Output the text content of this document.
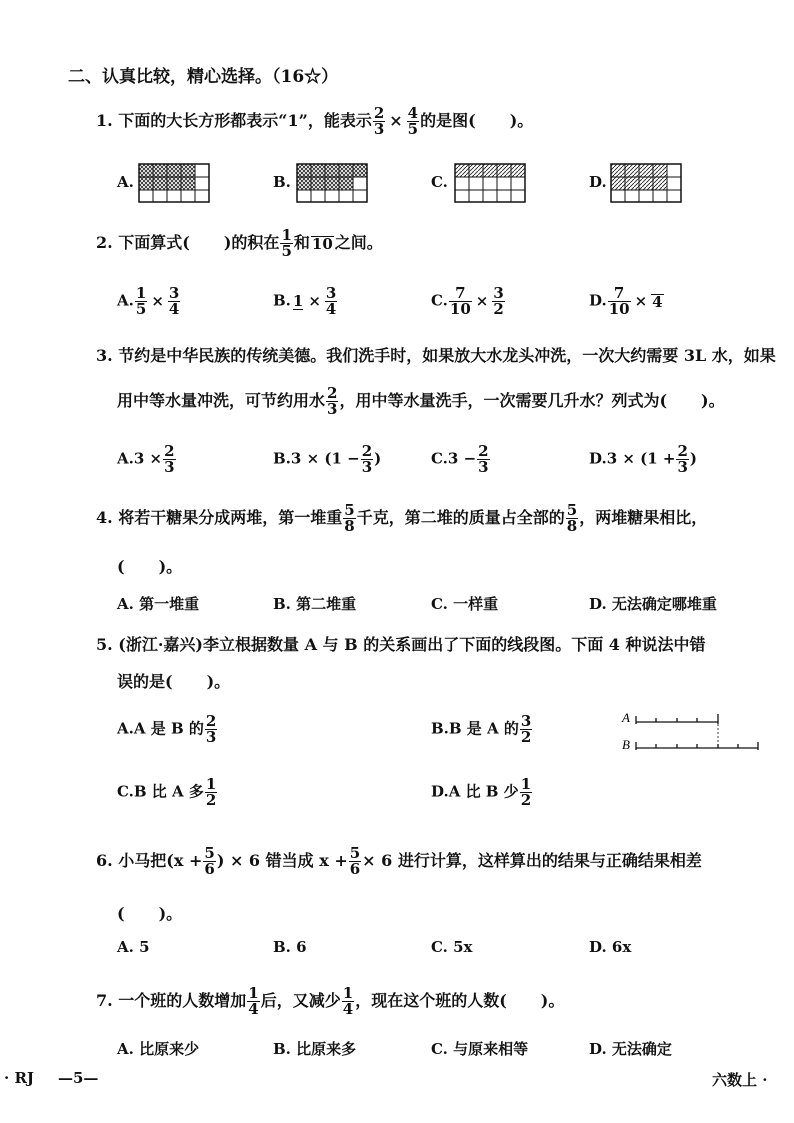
二、认真比较，精心选择。（16☆）
1. 下面的大长方形都表示“1”，能表示 $\frac{2}{3} \times \frac{4}{5}$ 的是图( )。
A.	B.	C.	D.
2. 下面算式( )的积在 $\frac{1}{5}$ 和 10 之间。
A. $\frac{1}{5} \times \frac{3}{4}$	B. $1 \times \frac{3}{4}$	C. $\frac{7}{10} \times \frac{3}{2}$	D. $\frac{7}{10} \times 4$
3. 节约是中华民族的传统美德。我们洗手时，如果放大水龙头冲洗，一次大约需要 3L 水，如果
用中等水量冲洗，可节约用水 $\frac{2}{3}$ ，用中等水量洗手，一次需要几升水？列式为( )。
$A.3 \times \frac{2}{3}$	$B.3 \times (1 - \frac{2}{3}$ )	$C.3 - \frac{2}{3}$	$D.3 \times (1 + \frac{2}{3}$ )
4. 将若干糖果分成两堆，第一堆重 $\frac{5}{8}$ 千克，第二堆的质量占全部的 $\frac{5}{8}$ ，两堆糖果相比，
( )。
A. 第一堆重	B. 第二堆重	C. 一样重	D. 无法确定哪堆重
5. (浙江·嘉兴)李立根据数量 A 与 B 的关系画出了下面的线段图。下面 4 种说法中错
误的是( )。
A.A 是 B 的 $\frac{2}{3}$	B.B 是 A 的 $\frac{3}{2}$
C.B 比 A 多 $\frac{1}{2}$	D.A 比 B 少 $\frac{1}{2}$
A
B
6. 小马把($x + \frac{5}{6}$ ) × 6 错当成 $x + \frac{5}{6} \times 6$ 进行计算，这样算出的结果与正确结果相差
( )。
A. 5	B. 6	C. 5x	D. 6x
7. 一个班的人数增加 $\frac{1}{4}$ 后，又减少 $\frac{1}{4}$ ，现在这个班的人数( )。
A. 比原来少	B. 比原来多	C. 与原来相等	D. 无法确定
· RJ —5—	六数上 ·
